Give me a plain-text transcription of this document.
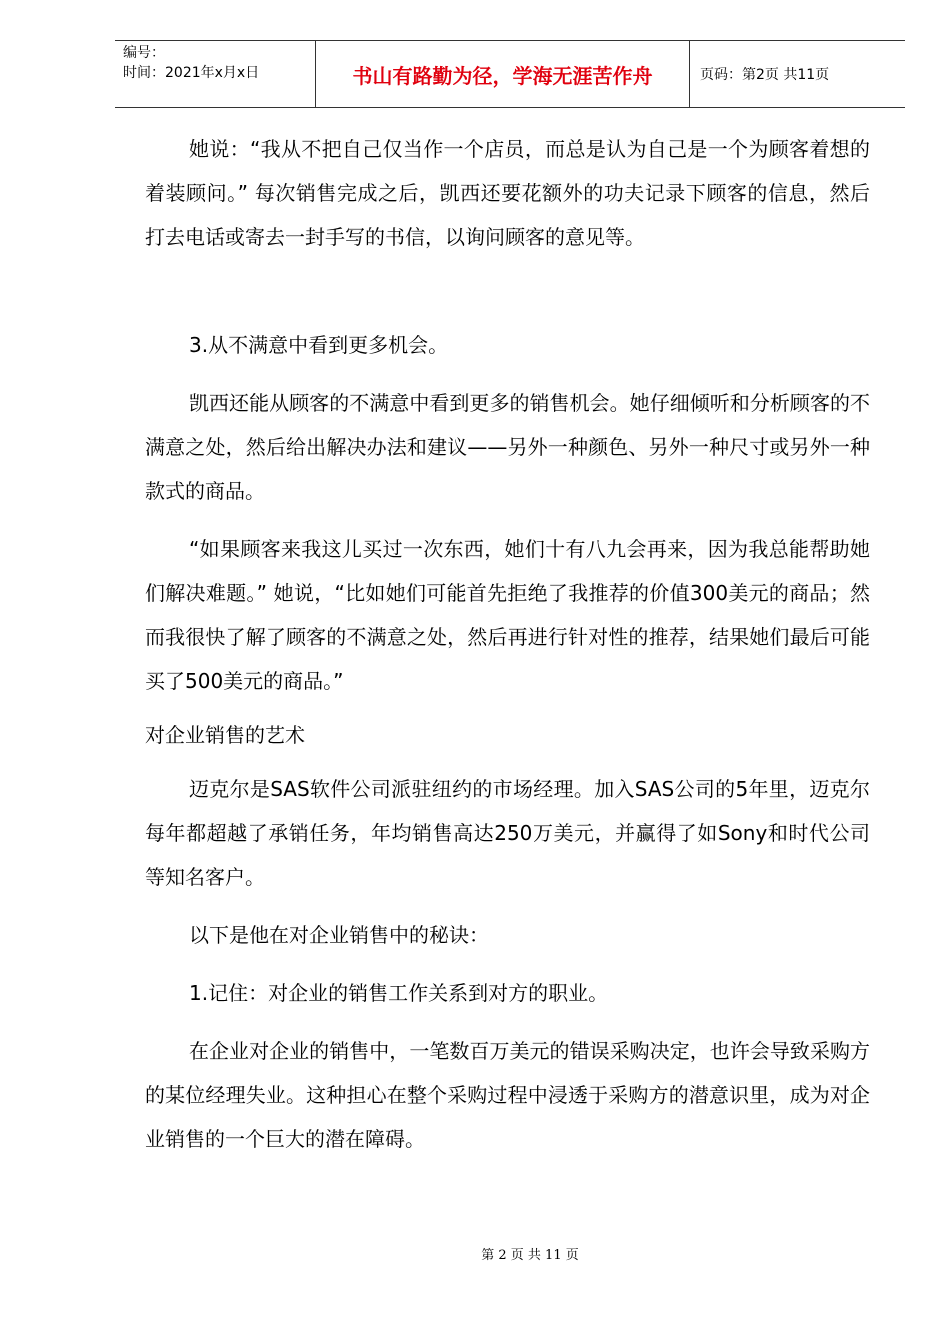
编号：
时间：2021年x月x日	书山有路勤为径，学海无涯苦作舟	页码：第2页 共11页

她说：“我从不把自己仅当作一个店员，而总是认为自己是一个为顾客着想的着装顾问。” 每次销售完成之后，凯西还要花额外的功夫记录下顾客的信息，然后打去电话或寄去一封手写的书信，以询问顾客的意见等。

3.从不满意中看到更多机会。

凯西还能从顾客的不满意中看到更多的销售机会。她仔细倾听和分析顾客的不满意之处，然后给出解决办法和建议——另外一种颜色、另外一种尺寸或另外一种款式的商品。

“如果顾客来我这儿买过一次东西，她们十有八九会再来，因为我总能帮助她们解决难题。” 她说，“比如她们可能首先拒绝了我推荐的价值300美元的商品；然而我很快了解了顾客的不满意之处，然后再进行针对性的推荐，结果她们最后可能买了500美元的商品。”

对企业销售的艺术

迈克尔是SAS软件公司派驻纽约的市场经理。加入SAS公司的5年里，迈克尔每年都超越了承销任务，年均销售高达250万美元，并赢得了如Sony和时代公司等知名客户。

以下是他在对企业销售中的秘诀：

1.记住：对企业的销售工作关系到对方的职业。

在企业对企业的销售中，一笔数百万美元的错误采购决定，也许会导致采购方的某位经理失业。这种担心在整个采购过程中浸透于采购方的潜意识里，成为对企业销售的一个巨大的潜在障碍。

第 2 页 共 11 页
